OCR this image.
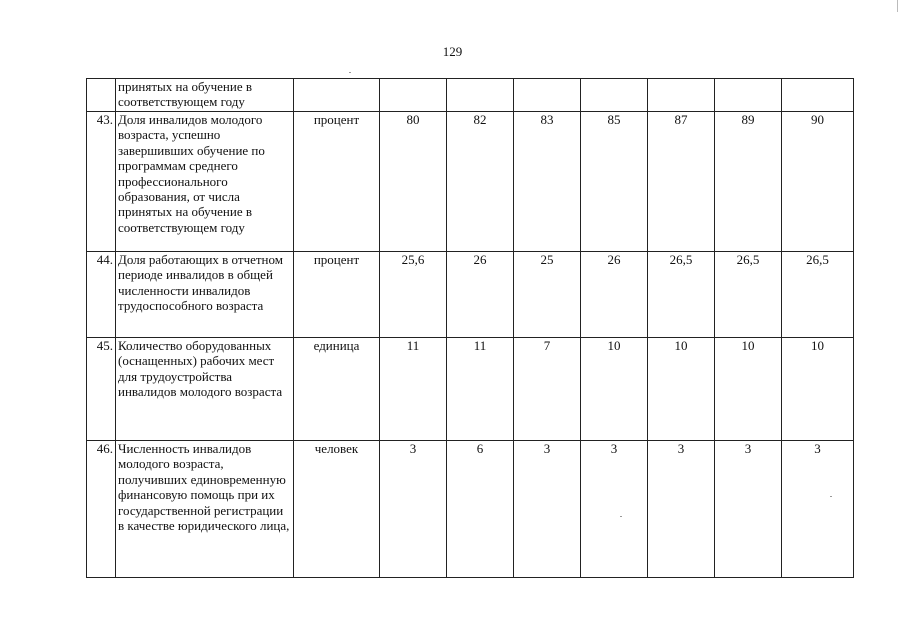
129
	принятых на обучение в соответствующем году								
43.	Доля инвалидов молодого возраста, успешно завершивших обучение по программам среднего профессионального образования, от числа принятых на обучение в соответствующем году	процент	80	82	83	85	87	89	90
44.	Доля работающих в отчетном периоде инвалидов в общей численности инвалидов трудоспособного возраста	процент	25,6	26	25	26	26,5	26,5	26,5
45.	Количество оборудованных (оснащенных) рабочих мест для трудоустройства инвалидов молодого возраста	единица	11	11	7	10	10	10	10
46.	Численность инвалидов молодого возраста, получивших единовременную финансовую помощь при их государственной регистрации в качестве юридического лица,	человек	3	6	3	3	3	3	3
